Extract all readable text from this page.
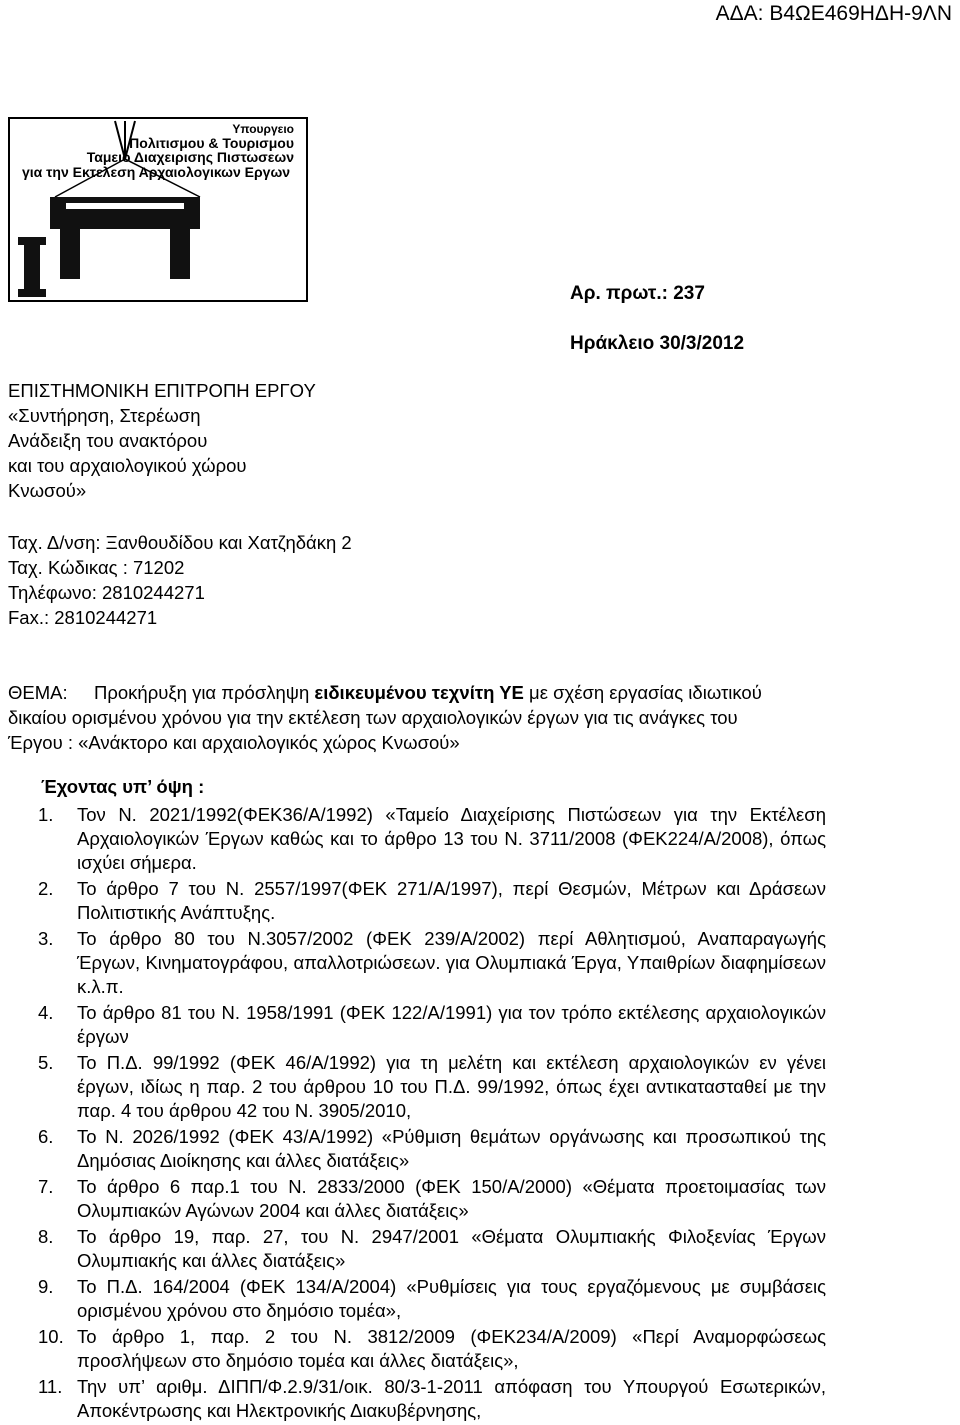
ΑΔΑ: Β4ΩΕ469ΗΔΗ-9ΛΝ
Υπουργειο
Πολιτισμου & Τουρισμου
Ταμειο Διαχειρισης Πιστωσεων
για την Εκτελεση Αρχαιολογικων Εργων
Αρ. πρωτ.: 237
Ηράκλειο 30/3/2012
ΕΠΙΣΤΗΜΟΝΙΚΗ ΕΠΙΤΡΟΠΗ ΕΡΓΟΥ
«Συντήρηση, Στερέωση
Ανάδειξη του ανακτόρου
και του αρχαιολογικού χώρου
Κνωσού»
Ταχ. Δ/νση: Ξανθουδίδου και Χατζηδάκη 2
Ταχ. Κώδικας : 71202
Τηλέφωνο: 2810244271
Fax.: 2810244271
ΘΕΜΑ: Προκήρυξη για πρόσληψη ειδικευμένου τεχνίτη ΥΕ με σχέση εργασίας ιδιωτικού δικαίου ορισμένου χρόνου για την εκτέλεση των αρχαιολογικών έργων για τις ανάγκες του Έργου : «Ανάκτορο και αρχαιολογικός χώρος Κνωσού»
Έχοντας υπ’ όψη :
1.	Τον Ν. 2021/1992(ΦΕΚ36/Α/1992) «Ταμείο Διαχείρισης Πιστώσεων για την Εκτέλεση Αρχαιολογικών Έργων καθώς και το άρθρο 13 του Ν. 3711/2008 (ΦΕΚ224/Α/2008), όπως ισχύει σήμερα.
2.	Το άρθρο 7 του Ν. 2557/1997(ΦΕΚ 271/Α/1997), περί Θεσμών, Μέτρων και Δράσεων Πολιτιστικής Ανάπτυξης.
3.	Το άρθρο 80 του Ν.3057/2002 (ΦΕΚ 239/Α/2002) περί Αθλητισμού, Αναπαραγωγής Έργων, Κινηματογράφου, απαλλοτριώσεων. για Ολυμπιακά Έργα, Υπαιθρίων διαφημίσεων κ.λ.π.
4.	Το άρθρο 81 του Ν. 1958/1991 (ΦΕΚ 122/Α/1991) για τον τρόπο εκτέλεσης αρχαιολογικών έργων
5.	Το Π.Δ. 99/1992 (ΦΕΚ 46/Α/1992) για τη μελέτη και εκτέλεση αρχαιολογικών εν γένει έργων, ιδίως η παρ. 2 του άρθρου 10 του Π.Δ. 99/1992, όπως έχει αντικατασταθεί με την παρ. 4 του άρθρου 42 του Ν. 3905/2010,
6.	Το Ν. 2026/1992 (ΦΕΚ 43/Α/1992) «Ρύθμιση θεμάτων οργάνωσης και προσωπικού της Δημόσιας Διοίκησης και άλλες διατάξεις»
7.	Το άρθρο 6 παρ.1 του Ν. 2833/2000 (ΦΕΚ 150/Α/2000) «Θέματα προετοιμασίας των Ολυμπιακών Αγώνων 2004 και άλλες διατάξεις»
8.	Το άρθρο 19, παρ. 27, του Ν. 2947/2001 «Θέματα Ολυμπιακής Φιλοξενίας Έργων Ολυμπιακής και άλλες διατάξεις»
9.	Το Π.Δ. 164/2004 (ΦΕΚ 134/Α/2004) «Ρυθμίσεις για τους εργαζόμενους με συμβάσεις ορισμένου χρόνου στο δημόσιο τομέα»,
10. Το άρθρο 1, παρ. 2 του Ν. 3812/2009 (ΦΕΚ234/Α/2009) «Περί Αναμορφώσεως προσλήψεων στο δημόσιο τομέα και άλλες διατάξεις»,
11. Την υπ’ αριθμ. ΔΙΠΠ/Φ.2.9/31/οικ. 80/3-1-2011 απόφαση του Υπουργού Εσωτερικών, Αποκέντρωσης και Ηλεκτρονικής Διακυβέρνησης,
